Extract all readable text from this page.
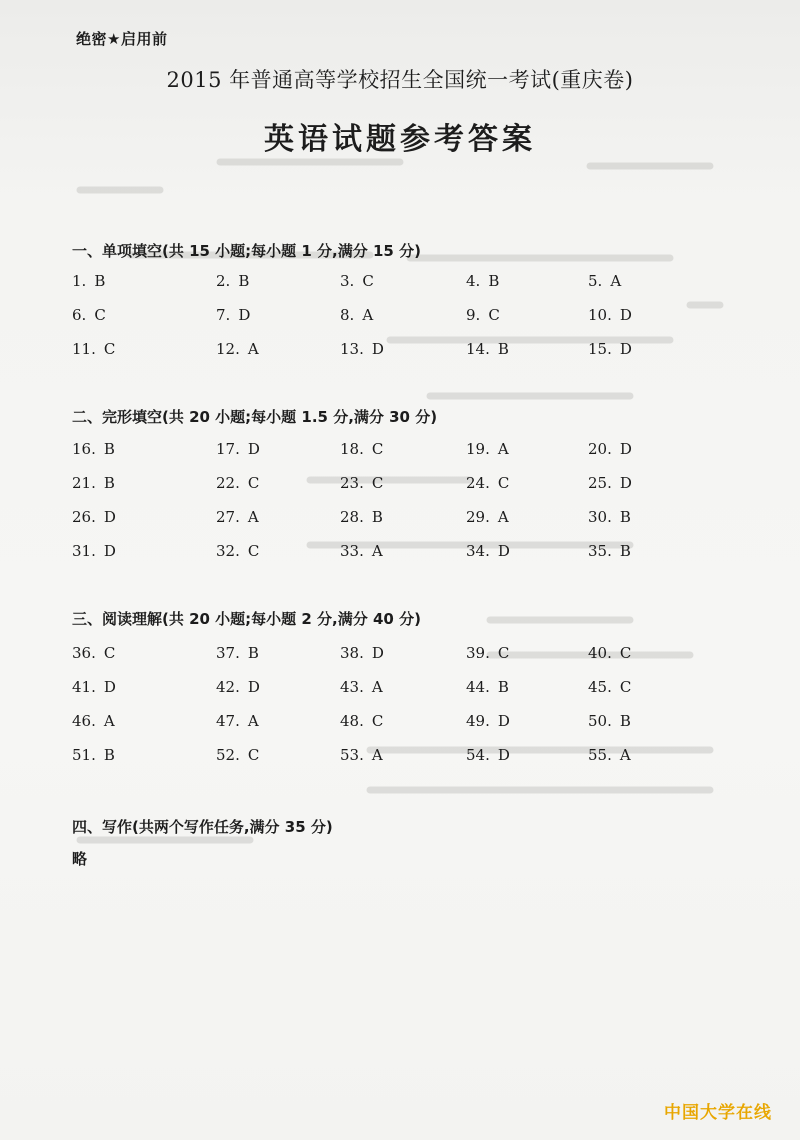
绝密★启用前
2015 年普通高等学校招生全国统一考试(重庆卷)
英语试题参考答案
一、单项填空(共 15 小题;每小题 1 分,满分 15 分)
1. B	2. B	3. C	4. B	5. A
6. C	7. D	8. A	9. C	10. D
11. C	12. A	13. D	14. B	15. D
二、完形填空(共 20 小题;每小题 1.5 分,满分 30 分)
16. B	17. D	18. C	19. A	20. D
21. B	22. C	23. C	24. C	25. D
26. D	27. A	28. B	29. A	30. B
31. D	32. C	33. A	34. D	35. B
三、阅读理解(共 20 小题;每小题 2 分,满分 40 分)
36. C	37. B	38. D	39. C	40. C
41. D	42. D	43. A	44. B	45. C
46. A	47. A	48. C	49. D	50. B
51. B	52. C	53. A	54. D	55. A
四、写作(共两个写作任务,满分 35 分)
略
中国大学在线
